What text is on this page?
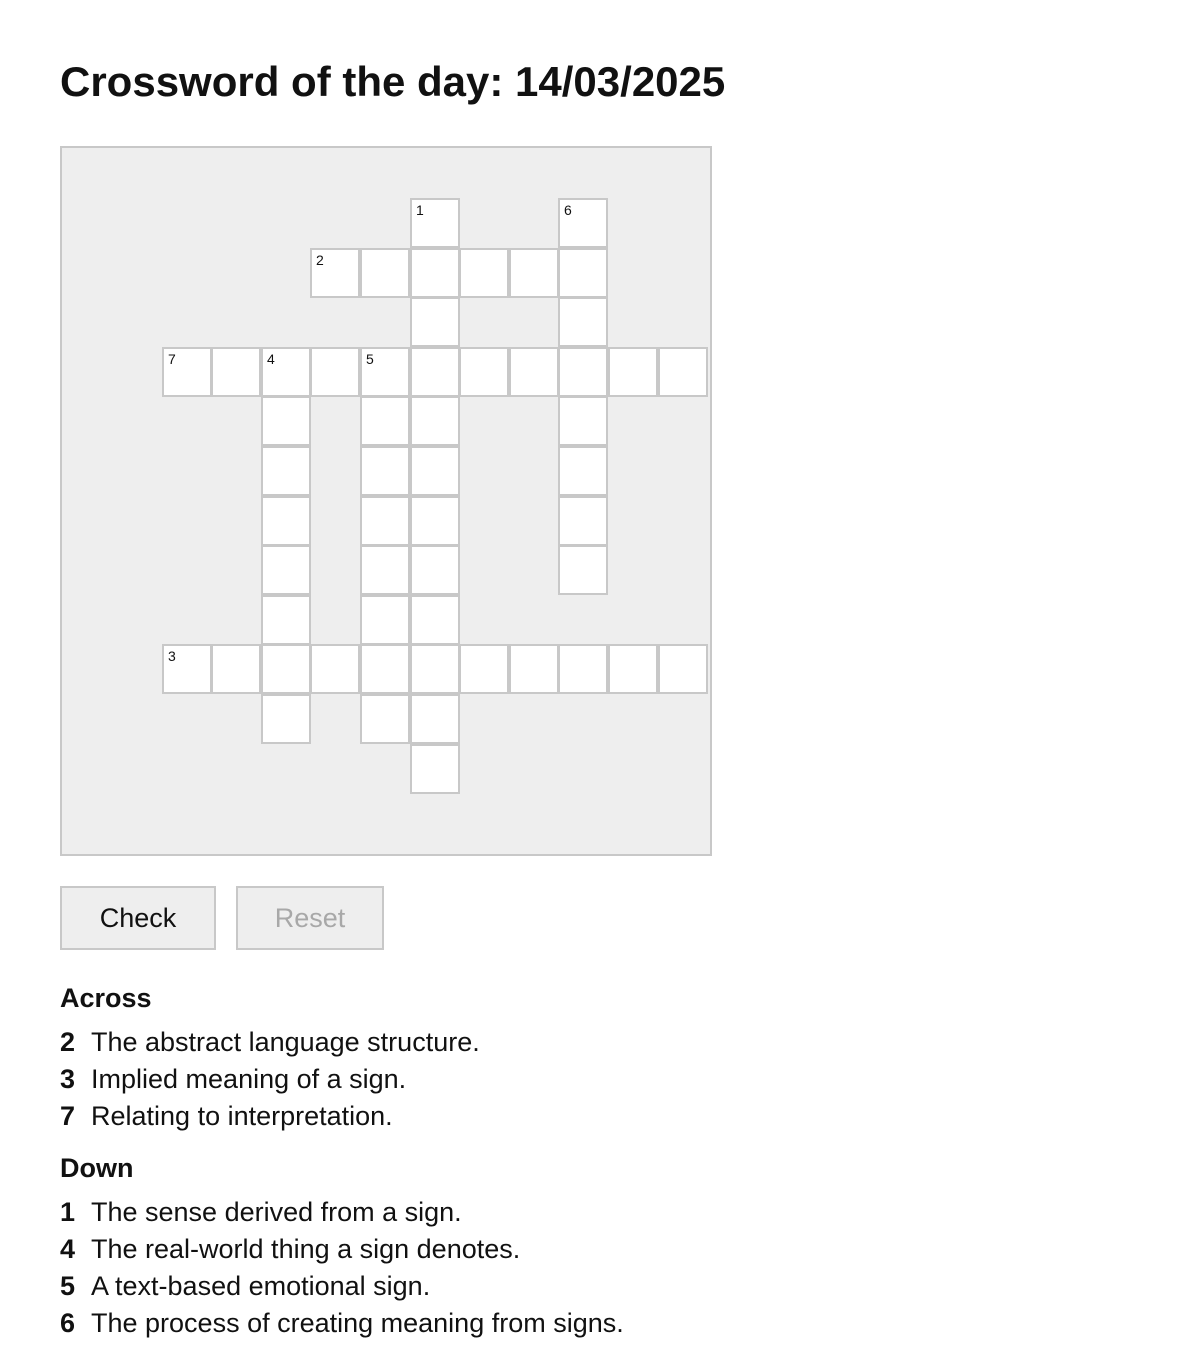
Crossword of the day: 14/03/2025
1
2
3
4	5
6
7
Check	Reset
Across
2 The abstract language structure.
3 Implied meaning of a sign.
7 Relating to interpretation.
Down
1 The sense derived from a sign.
4 The real-world thing a sign denotes.
5 A text-based emotional sign.
6 The process of creating meaning from signs.
